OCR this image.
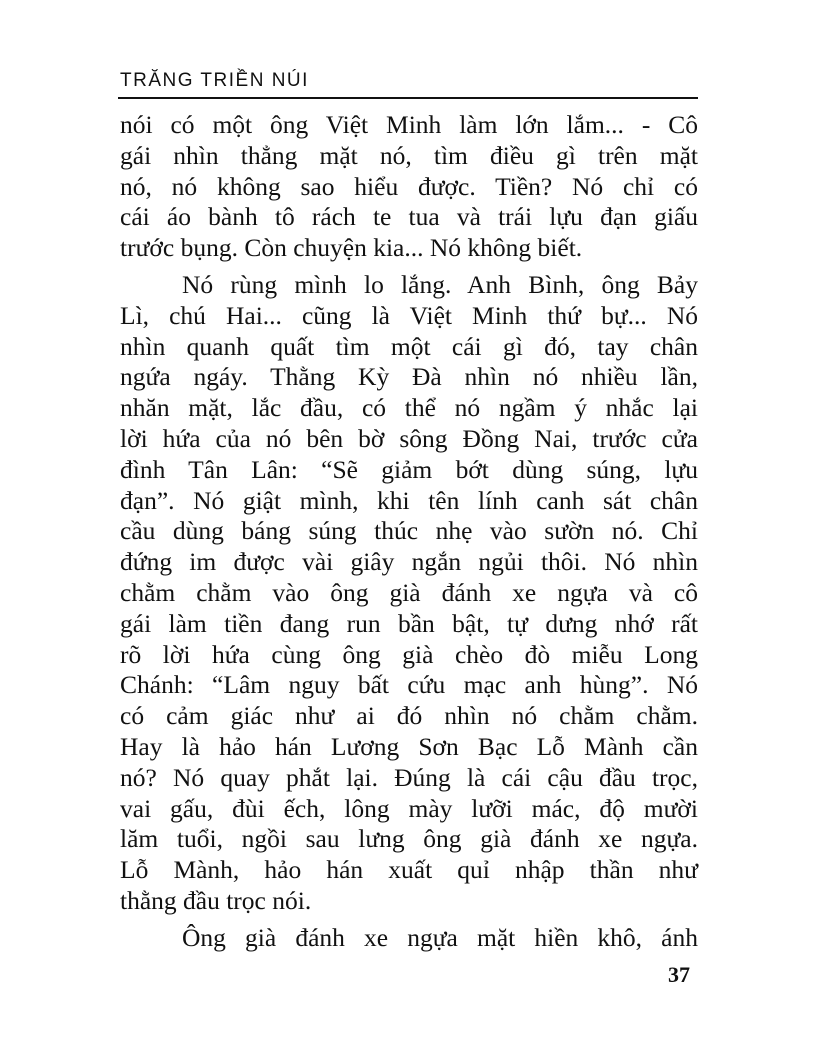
TRĂNG TRIỀN NÚI

nói có một ông Việt Minh làm lớn lắm... - Cô
gái nhìn thẳng mặt nó, tìm điều gì trên mặt
nó, nó không sao hiểu được. Tiền? Nó chỉ có
cái áo bành tô rách te tua và trái lựu đạn giấu
trước bụng. Còn chuyện kia... Nó không biết.

Nó rùng mình lo lắng. Anh Bình, ông Bảy
Lì, chú Hai... cũng là Việt Minh thứ bự... Nó
nhìn quanh quất tìm một cái gì đó, tay chân
ngứa ngáy. Thằng Kỳ Đà nhìn nó nhiều lần,
nhăn mặt, lắc đầu, có thể nó ngầm ý nhắc lại
lời hứa của nó bên bờ sông Đồng Nai, trước cửa
đình Tân Lân: “Sẽ giảm bớt dùng súng, lựu
đạn”. Nó giật mình, khi tên lính canh sát chân
cầu dùng báng súng thúc nhẹ vào sườn nó. Chỉ
đứng im được vài giây ngắn ngủi thôi. Nó nhìn
chằm chằm vào ông già đánh xe ngựa và cô
gái làm tiền đang run bần bật, tự dưng nhớ rất
rõ lời hứa cùng ông già chèo đò miễu Long
Chánh: “Lâm nguy bất cứu mạc anh hùng”. Nó
có cảm giác như ai đó nhìn nó chằm chằm.
Hay là hảo hán Lương Sơn Bạc Lỗ Mành cần
nó? Nó quay phắt lại. Đúng là cái cậu đầu trọc,
vai gấu, đùi ếch, lông mày lưỡi mác, độ mười
lăm tuổi, ngồi sau lưng ông già đánh xe ngựa.
Lỗ Mành, hảo hán xuất quỉ nhập thần như
thằng đầu trọc nói.

Ông già đánh xe ngựa mặt hiền khô, ánh

37
